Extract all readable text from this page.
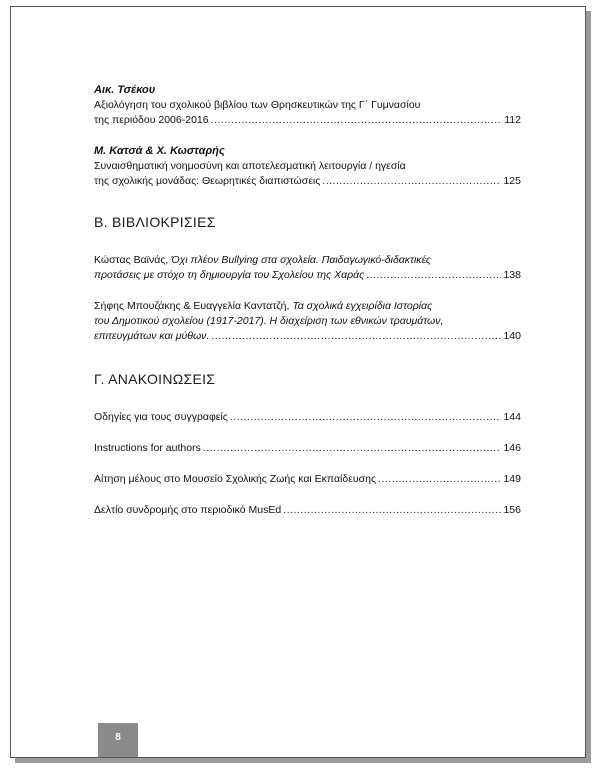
Αικ. Τσέκου
Αξιολόγηση του σχολικού βιβλίου των Θρησκευτικών της Γ΄ Γυμνασίου
της περιόδου 2006-2016 .....	112
Μ. Κατσά & Χ. Κωσταρής
Συναισθηματική νοημοσύνη και αποτελεσματική λειτουργία / ηγεσία
της σχολικής μονάδας: Θεωρητικές διαπιστώσεις .....	125
Β. ΒΙΒΛΙΟΚΡΙΣΙΕΣ
Κώστας Βαϊνάς, Όχι πλέον Bullying στα σχολεία. Παιδαγωγικό-διδακτικές
προτάσεις με στόχο τη δημιουργία του Σχολείου της Χαράς .....	138
Σήφης Μπουζάκης & Ευαγγελία Καντατζή, Τα σχολικά εγχειρίδια Ιστορίας
του Δημοτικού σχολείου (1917-2017). Η διαχείριση των εθνικών τραυμάτων,
επιτευγμάτων και μύθων. .....	140
Γ. ΑΝΑΚΟΙΝΩΣΕΙΣ
Οδηγίες για τους συγγραφείς .....	144
Instructions for authors .....	146
Αίτηση μέλους στο Μουσείο Σχολικής Ζωής και Εκπαίδευσης .....	149
Δελτίο συνδρομής στο περιοδικό MusEd .....	156
8
